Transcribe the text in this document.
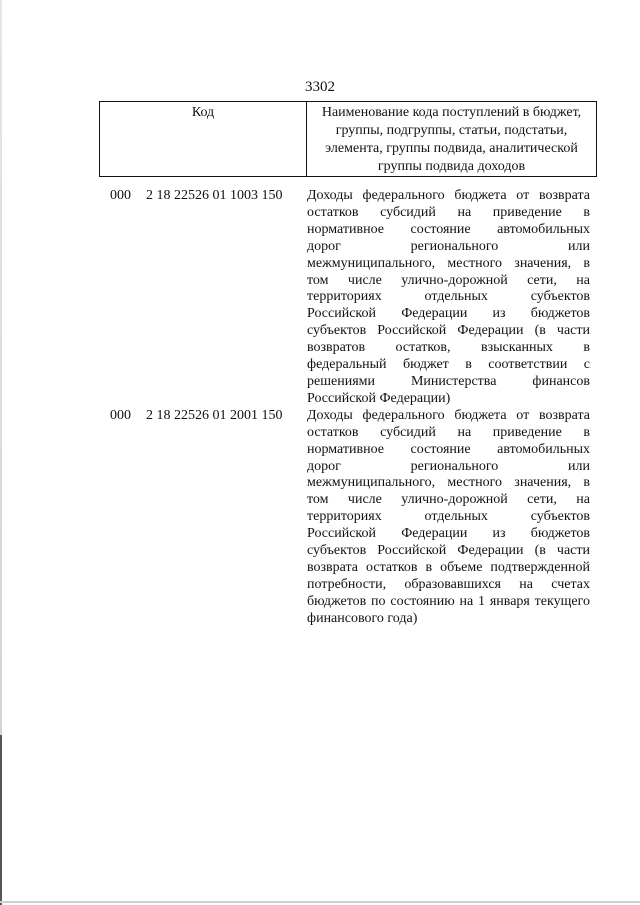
3302
Код	Наименование кода поступлений в бюджет, группы, подгруппы, статьи, подстатьи, элемента, группы подвида, аналитической группы подвида доходов
000 2 18 22526 01 1003 150 Доходы федерального бюджета от возврата
остатков субсидий на приведение в
нормативное состояние автомобильных
дорог регионального или
межмуниципального, местного значения, в
том числе улично-дорожной сети, на
территориях отдельных субъектов
Российской Федерации из бюджетов
субъектов Российской Федерации (в части
возвратов остатков, взысканных в
федеральный бюджет в соответствии с
решениями Министерства финансов
Российской Федерации)
000 2 18 22526 01 2001 150 Доходы федерального бюджета от возврата
остатков субсидий на приведение в
нормативное состояние автомобильных
дорог регионального или
межмуниципального, местного значения, в
том числе улично-дорожной сети, на
территориях отдельных субъектов
Российской Федерации из бюджетов
субъектов Российской Федерации (в части
возврата остатков в объеме подтвержденной
потребности, образовавшихся на счетах
бюджетов по состоянию на 1 января текущего
финансового года)
